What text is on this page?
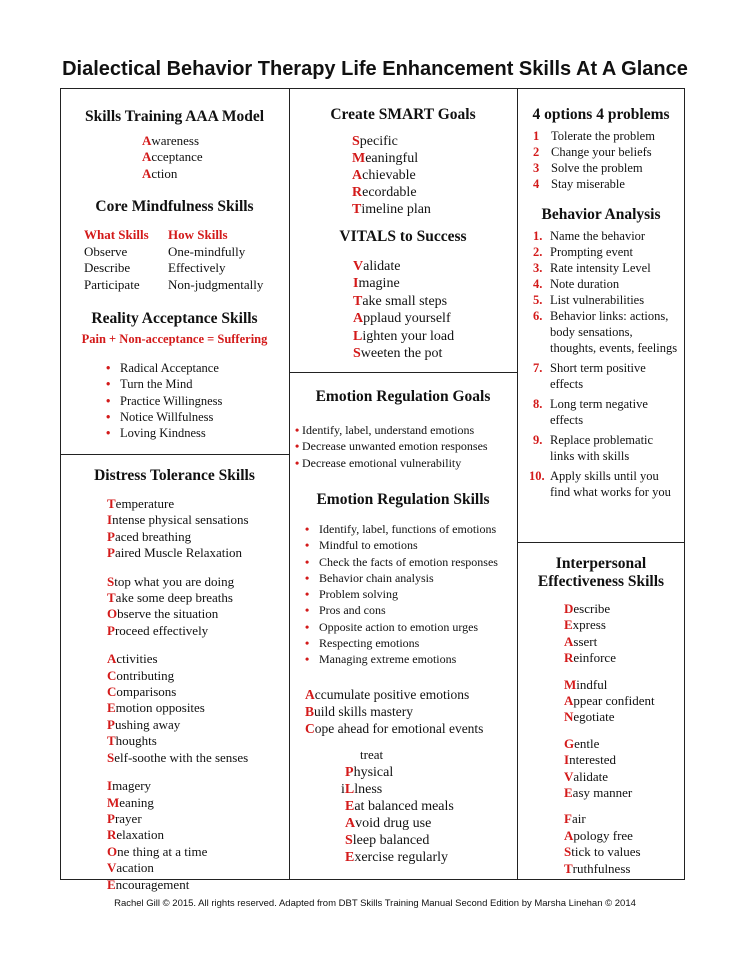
Dialectical Behavior Therapy Life Enhancement Skills At A Glance
Skills Training AAA Model
Awareness
Acceptance
Action
Core Mindfulness Skills
What Skills	How Skills
Observe	One-mindfully
Describe	Effectively
Participate	Non-judgmentally
Reality Acceptance Skills
Pain + Non-acceptance = Suffering
• Radical Acceptance
• Turn the Mind
• Practice Willingness
• Notice Willfulness
• Loving Kindness
Distress Tolerance Skills
Temperature
Intense physical sensations
Paced breathing
Paired Muscle Relaxation
Stop what you are doing
Take some deep breaths
Observe the situation
Proceed effectively
Activities
Contributing
Comparisons
Emotion opposites
Pushing away
Thoughts
Self-soothe with the senses
Imagery
Meaning
Prayer
Relaxation
One thing at a time
Vacation
Encouragement
Create SMART Goals
Specific
Meaningful
Achievable
Recordable
Timeline plan
VITALS to Success
Validate
Imagine
Take small steps
Applaud yourself
Lighten your load
Sweeten the pot
Emotion Regulation Goals
• Identify, label, understand emotions
• Decrease unwanted emotion responses
• Decrease emotional vulnerability
Emotion Regulation Skills
• Identify, label, functions of emotions
• Mindful to emotions
• Check the facts of emotion responses
• Behavior chain analysis
• Problem solving
• Pros and cons
• Opposite action to emotion urges
• Respecting emotions
• Managing extreme emotions
Accumulate positive emotions
Build skills mastery
Cope ahead for emotional events
treat
Physical
iLlness
Eat balanced meals
Avoid drug use
Sleep balanced
Exercise regularly
4 options 4 problems
1 Tolerate the problem
2 Change your beliefs
3 Solve the problem
4 Stay miserable
Behavior Analysis
1. Name the behavior
2. Prompting event
3. Rate intensity Level
4. Note duration
5. List vulnerabilities
6. Behavior links: actions, body sensations, thoughts, events, feelings
7. Short term positive effects
8. Long term negative effects
9. Replace problematic links with skills
10. Apply skills until you find what works for you
Interpersonal
Effectiveness Skills
Describe
Express
Assert
Reinforce
Mindful
Appear confident
Negotiate
Gentle
Interested
Validate
Easy manner
Fair
Apology free
Stick to values
Truthfulness
Rachel Gill © 2015. All rights reserved. Adapted from DBT Skills Training Manual Second Edition by Marsha Linehan © 2014
